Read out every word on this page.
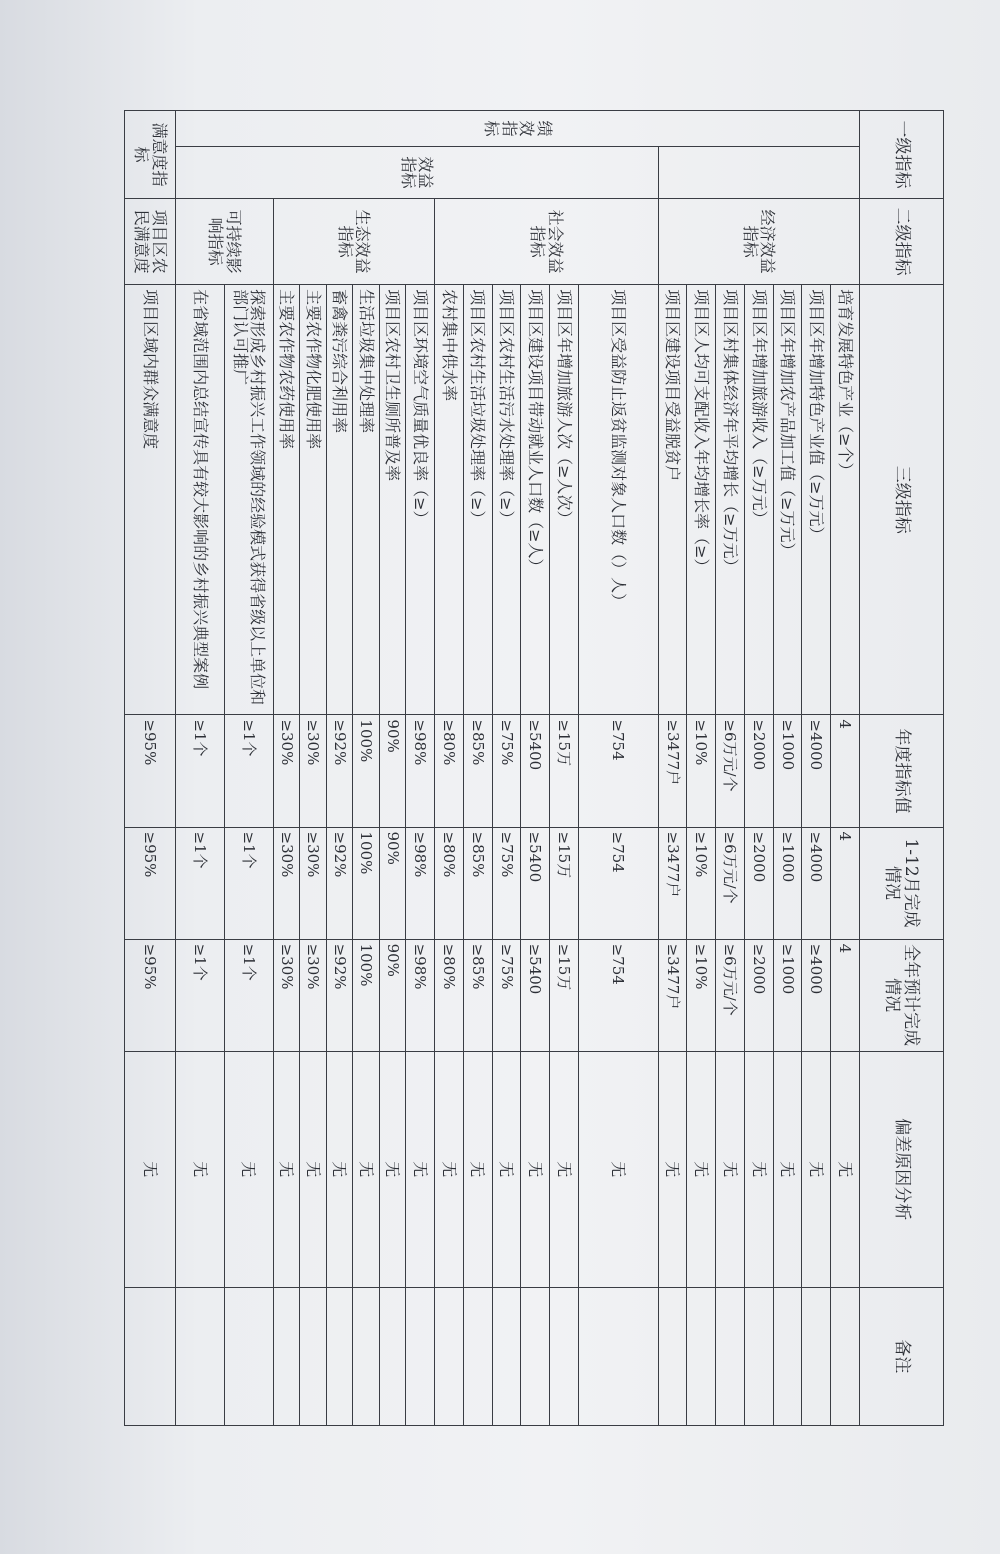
一级指标		二级指标	三级指标	年度指标值	1-12月完成情况	全年预计完成情况	偏差原因分析	备注
绩效指标		经济效益指标	培育发展特色产业（≥个）	4	4	4	无	
			项目区年增加特色产业值（≥万元）	≥4000	≥4000	≥4000	无	
			项目区年增加农产品加工值（≥万元）	≥1000	≥1000	≥1000	无	
			项目区年增加旅游收入（≥万元）	≥2000	≥2000	≥2000	无	
			项目区村集体经济年平均增长（≥万元）	≥6万元/个	≥6万元/个	≥6万元/个	无	
			项目区人均可支配收入年均增长率（≥）	≥10%	≥10%	≥10%	无	
			项目区建设项目受益脱贫户	≥3477户	≥3477户	≥3477户	无	
	效益指标	社会效益指标	项目区受益防止返贫监测对象人口数（）人）	≥754	≥754	≥754	无	
			项目区年增加旅游人次（≥人次）	≥15万	≥15万	≥15万	无	
			项目区建设项目带动就业人口数（≥人）	≥5400	≥5400	≥5400	无	
			项目区农村生活污水处理率（≥）	≥75%	≥75%	≥75%	无	
			项目区农村生活垃圾处理率（≥）	≥85%	≥85%	≥85%	无	
			农村集中供水率	≥80%	≥80%	≥80%	无	
		生态效益指标	项目区环境空气质量优良率（≥）	≥98%	≥98%	≥98%	无	
			项目区农村卫生厕所普及率	90%	90%	90%	无	
			生活垃圾集中处理率	100%	100%	100%	无	
			畜禽粪污综合利用率	≥92%	≥92%	≥92%	无	
			主要农作物化肥使用率	≥30%	≥30%	≥30%	无	
			主要农作物农药使用率	≥30%	≥30%	≥30%	无	
		可持续影响指标	探索形成乡村振兴工作领域的经验模式获得省级以上单位和部门认可推广	≥1个	≥1个	≥1个	无	
			在省域范围内总结宣传具有较大影响的乡村振兴典型案例	≥1个	≥1个	≥1个	无	
满意度指标		项目区农民满意度	项目区域内群众满意度	≥95%	≥95%	≥95%	无	
